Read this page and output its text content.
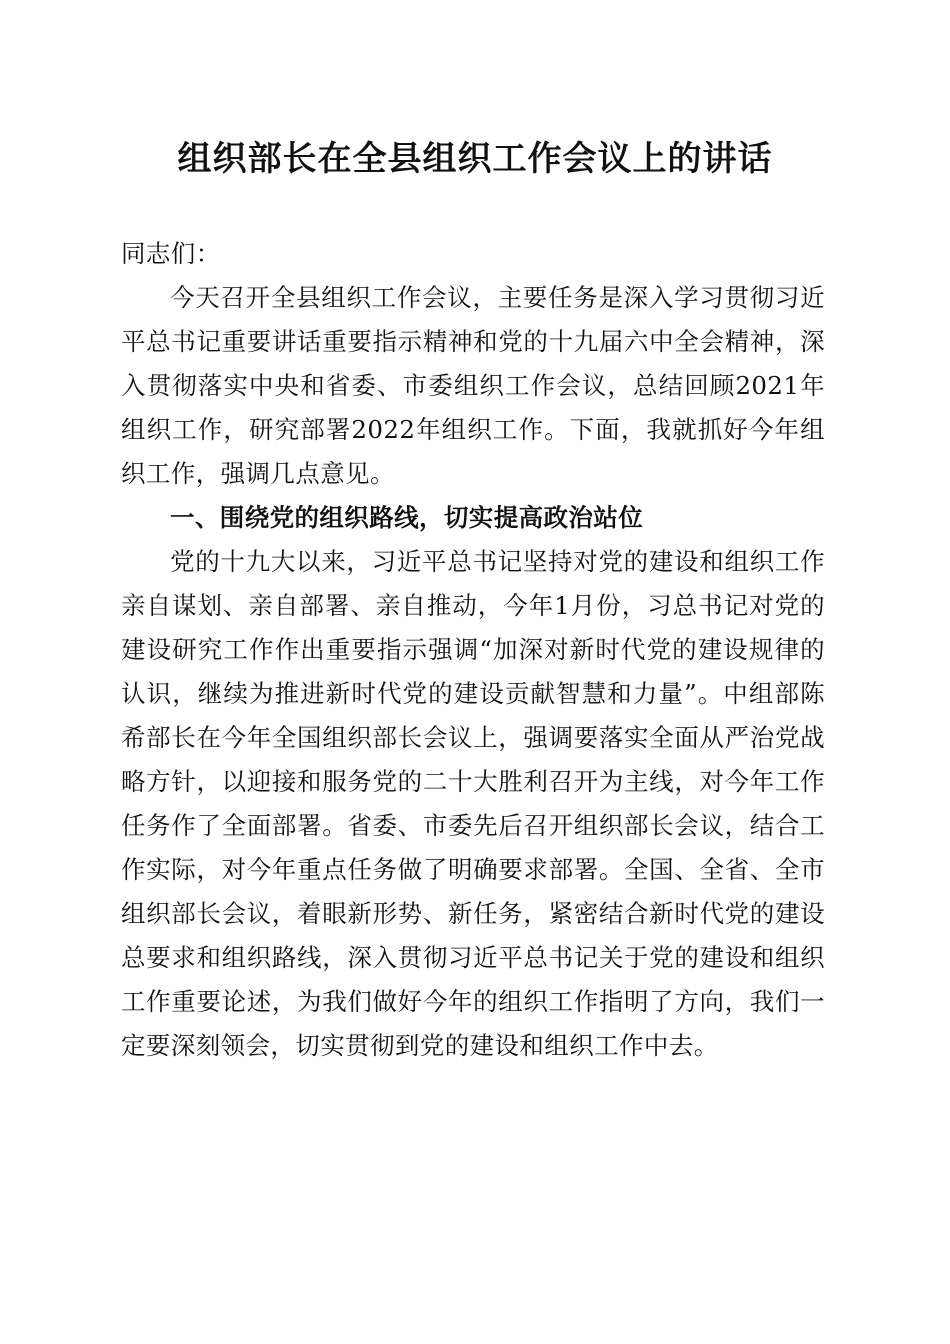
组织部长在全县组织工作会议上的讲话

同志们：

今天召开全县组织工作会议，主要任务是深入学习贯彻习近平总书记重要讲话重要指示精神和党的十九届六中全会精神，深入贯彻落实中央和省委、市委组织工作会议，总结回顾2021年组织工作，研究部署2022年组织工作。下面，我就抓好今年组织工作，强调几点意见。

一、围绕党的组织路线，切实提高政治站位

党的十九大以来，习近平总书记坚持对党的建设和组织工作亲自谋划、亲自部署、亲自推动，今年1月份，习总书记对党的建设研究工作作出重要指示强调“加深对新时代党的建设规律的认识，继续为推进新时代党的建设贡献智慧和力量”。中组部陈希部长在今年全国组织部长会议上，强调要落实全面从严治党战略方针，以迎接和服务党的二十大胜利召开为主线，对今年工作任务作了全面部署。省委、市委先后召开组织部长会议，结合工作实际，对今年重点任务做了明确要求部署。全国、全省、全市组织部长会议，着眼新形势、新任务，紧密结合新时代党的建设总要求和组织路线，深入贯彻习近平总书记关于党的建设和组织工作重要论述，为我们做好今年的组织工作指明了方向，我们一定要深刻领会，切实贯彻到党的建设和组织工作中去。
